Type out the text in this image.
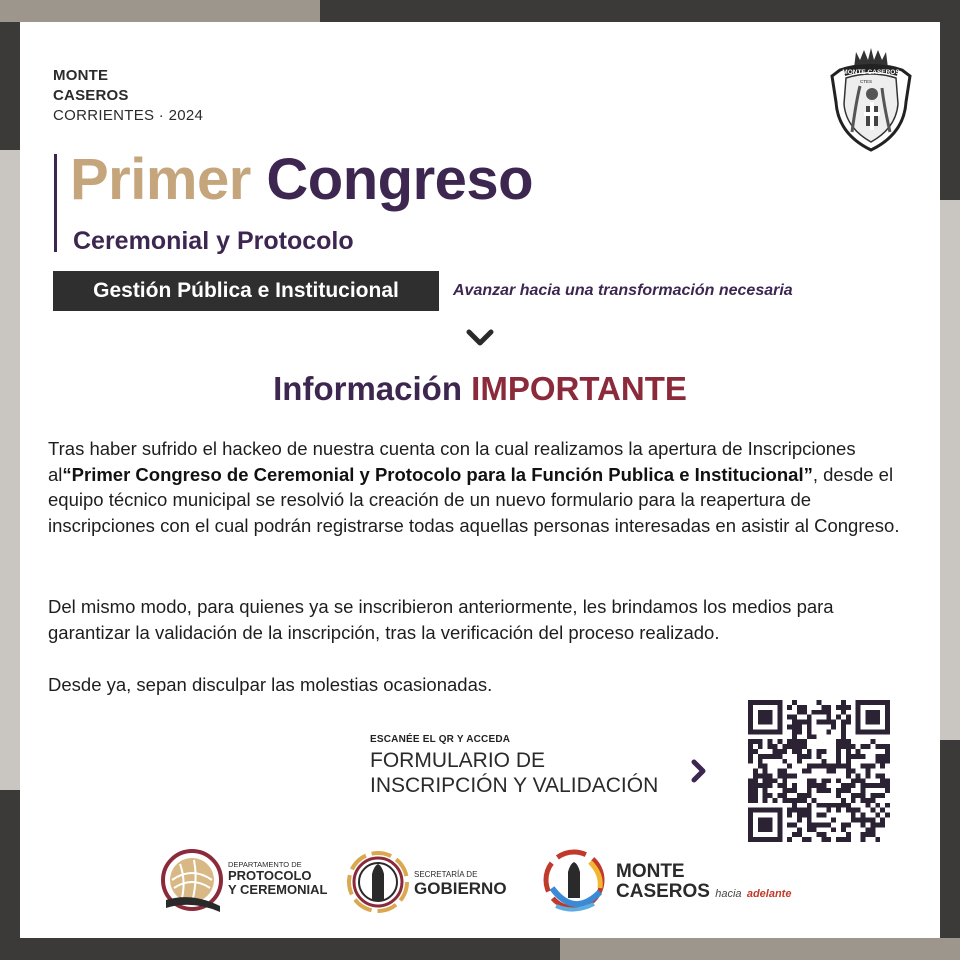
MONTE
CASEROS
CORRIENTES · 2024
MONTE CASEROS
CTES
Primer Congreso
Ceremonial y Protocolo
Gestión Pública e Institucional	Avanzar hacia una transformación necesaria
Información IMPORTANTE

Tras haber sufrido el hackeo de nuestra cuenta con la cual realizamos la apertura de Inscripciones al“Primer Congreso de Ceremonial y Protocolo para la Función Publica e Institucional”, desde el equipo técnico municipal se resolvió la creación de un nuevo formulario para la reapertura de inscripciones con el cual podrán registrarse todas aquellas personas interesadas en asistir al Congreso.

Del mismo modo, para quienes ya se inscribieron anteriormente, les brindamos los medios para garantizar la validación de la inscripción, tras la verificación del proceso realizado.

Desde ya, sepan disculpar las molestias ocasionadas.

ESCANÉE EL QR Y ACCEDA
FORMULARIO DE
INSCRIPCIÓN Y VALIDACIÓN
DEPARTAMENTO DE
PROTOCOLO
Y CEREMONIAL
SECRETARÍA DE
GOBIERNO
MONTE
CASEROS hacia adelante
